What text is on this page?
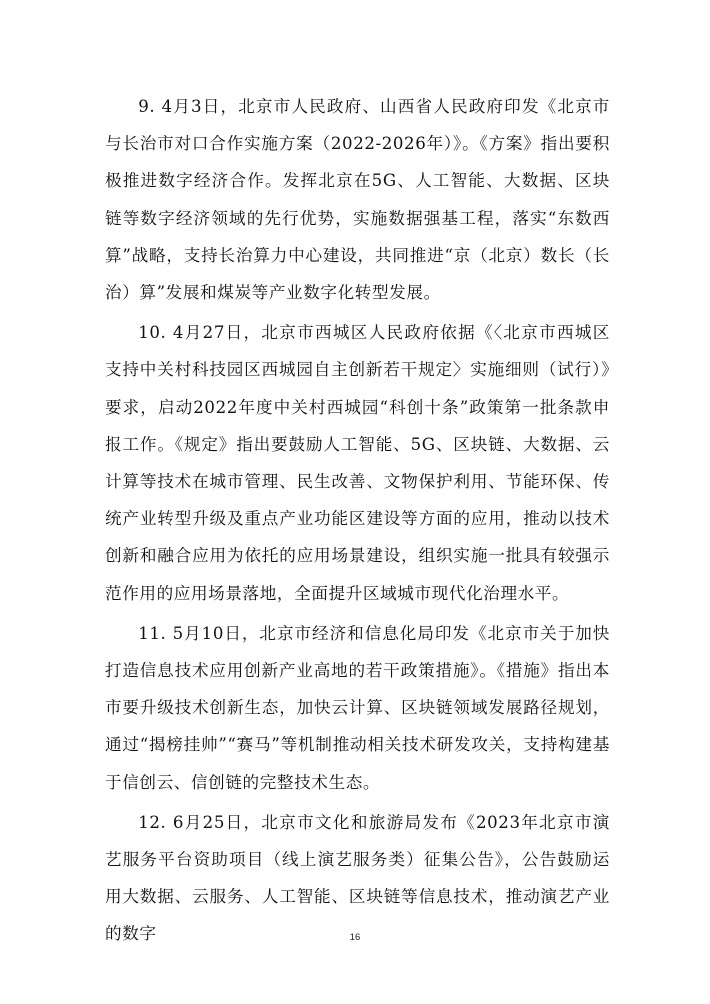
9. 4月3日，北京市人民政府、山西省人民政府印发《北京市与长治市对口合作实施方案（2022-2026年）》。《方案》指出要积极推进数字经济合作。发挥北京在5G、人工智能、大数据、区块链等数字经济领域的先行优势，实施数据强基工程，落实“东数西算”战略，支持长治算力中心建设，共同推进“京（北京）数长（长治）算”发展和煤炭等产业数字化转型发展。

10. 4月27日，北京市西城区人民政府依据《〈北京市西城区支持中关村科技园区西城园自主创新若干规定〉实施细则（试行）》要求，启动2022年度中关村西城园“科创十条”政策第一批条款申报工作。《规定》指出要鼓励人工智能、5G、区块链、大数据、云计算等技术在城市管理、民生改善、文物保护利用、节能环保、传统产业转型升级及重点产业功能区建设等方面的应用，推动以技术创新和融合应用为依托的应用场景建设，组织实施一批具有较强示范作用的应用场景落地，全面提升区域城市现代化治理水平。

11. 5月10日，北京市经济和信息化局印发《北京市关于加快打造信息技术应用创新产业高地的若干政策措施》。《措施》指出本市要升级技术创新生态，加快云计算、区块链领域发展路径规划，通过“揭榜挂帅”“赛马”等机制推动相关技术研发攻关，支持构建基于信创云、信创链的完整技术生态。

12. 6月25日，北京市文化和旅游局发布《2023年北京市演艺服务平台资助项目（线上演艺服务类）征集公告》，公告鼓励运用大数据、云服务、人工智能、区块链等信息技术，推动演艺产业的数字	16
